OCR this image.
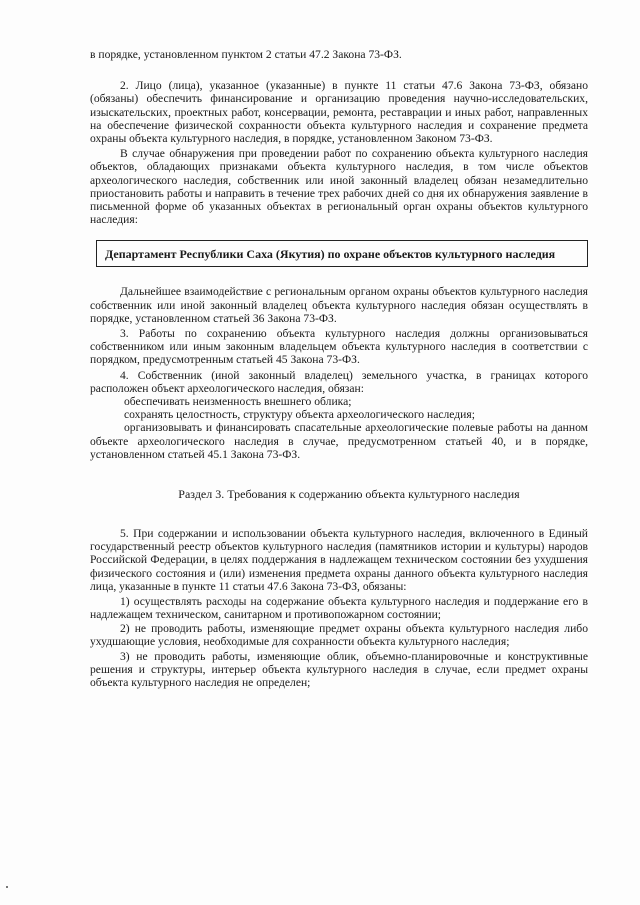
в порядке, установленном пунктом 2 статьи 47.2 Закона 73-ФЗ.

2. Лицо (лица), указанное (указанные) в пункте 11 статьи 47.6 Закона 73-ФЗ, обязано (обязаны) обеспечить финансирование и организацию проведения научно-исследовательских, изыскательских, проектных работ, консервации, ремонта, реставрации и иных работ, направленных на обеспечение физической сохранности объекта культурного наследия и сохранение предмета охраны объекта культурного наследия, в порядке, установленном Законом 73-ФЗ.

В случае обнаружения при проведении работ по сохранению объекта культурного наследия объектов, обладающих признаками объекта культурного наследия, в том числе объектов археологического наследия, собственник или иной законный владелец обязан незамедлительно приостановить работы и направить в течение трех рабочих дней со дня их обнаружения заявление в письменной форме об указанных объектах в региональный орган охраны объектов культурного наследия:

Департамент Республики Саха (Якутия) по охране объектов культурного наследия

Дальнейшее взаимодействие с региональным органом охраны объектов культурного наследия собственник или иной законный владелец объекта культурного наследия обязан осуществлять в порядке, установленном статьей 36 Закона 73-ФЗ.

3. Работы по сохранению объекта культурного наследия должны организовываться собственником или иным законным владельцем объекта культурного наследия в соответствии с порядком, предусмотренным статьей 45 Закона 73-ФЗ.

4. Собственник (иной законный владелец) земельного участка, в границах которого расположен объект археологического наследия, обязан:

обеспечивать неизменность внешнего облика;

сохранять целостность, структуру объекта археологического наследия;

организовывать и финансировать спасательные археологические полевые работы на данном объекте археологического наследия в случае, предусмотренном статьей 40, и в порядке, установленном статьей 45.1 Закона 73-ФЗ.

Раздел 3. Требования к содержанию объекта культурного наследия

5. При содержании и использовании объекта культурного наследия, включенного в Единый государственный реестр объектов культурного наследия (памятников истории и культуры) народов Российской Федерации, в целях поддержания в надлежащем техническом состоянии без ухудшения физического состояния и (или) изменения предмета охраны данного объекта культурного наследия лица, указанные в пункте 11 статьи 47.6 Закона 73-ФЗ, обязаны:

1) осуществлять расходы на содержание объекта культурного наследия и поддержание его в надлежащем техническом, санитарном и противопожарном состоянии;

2) не проводить работы, изменяющие предмет охраны объекта культурного наследия либо ухудшающие условия, необходимые для сохранности объекта культурного наследия;

3) не проводить работы, изменяющие облик, объемно-планировочные и конструктивные решения и структуры, интерьер объекта культурного наследия в случае, если предмет охраны объекта культурного наследия не определен;
